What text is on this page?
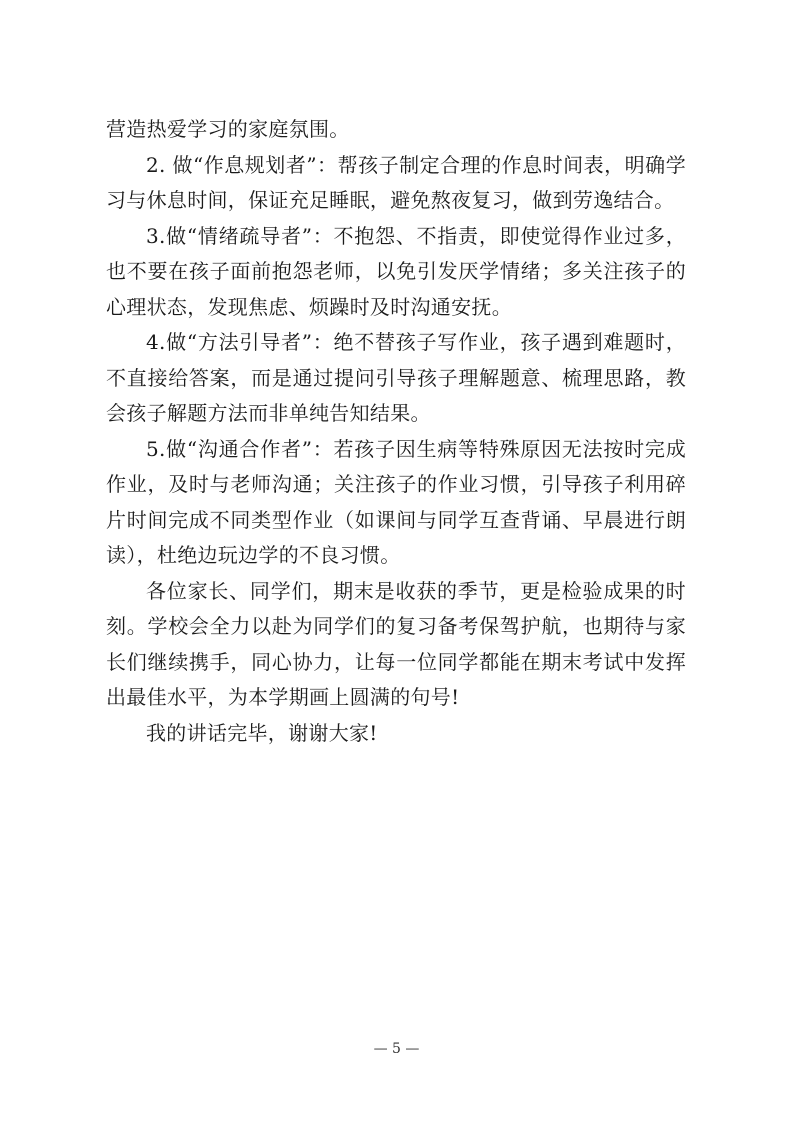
营造热爱学习的家庭氛围。

2. 做“作息规划者”：帮孩子制定合理的作息时间表，明确学习与休息时间，保证充足睡眠，避免熬夜复习，做到劳逸结合。

3.做“情绪疏导者”：不抱怨、不指责，即使觉得作业过多，也不要在孩子面前抱怨老师，以免引发厌学情绪；多关注孩子的心理状态，发现焦虑、烦躁时及时沟通安抚。

4.做“方法引导者”：绝不替孩子写作业，孩子遇到难题时，不直接给答案，而是通过提问引导孩子理解题意、梳理思路，教会孩子解题方法而非单纯告知结果。

5.做“沟通合作者”：若孩子因生病等特殊原因无法按时完成作业，及时与老师沟通；关注孩子的作业习惯，引导孩子利用碎片时间完成不同类型作业（如课间与同学互查背诵、早晨进行朗读），杜绝边玩边学的不良习惯。

各位家长、同学们，期末是收获的季节，更是检验成果的时刻。学校会全力以赴为同学们的复习备考保驾护航，也期待与家长们继续携手，同心协力，让每一位同学都能在期末考试中发挥出最佳水平，为本学期画上圆满的句号!

我的讲话完毕，谢谢大家!

— 5 —
